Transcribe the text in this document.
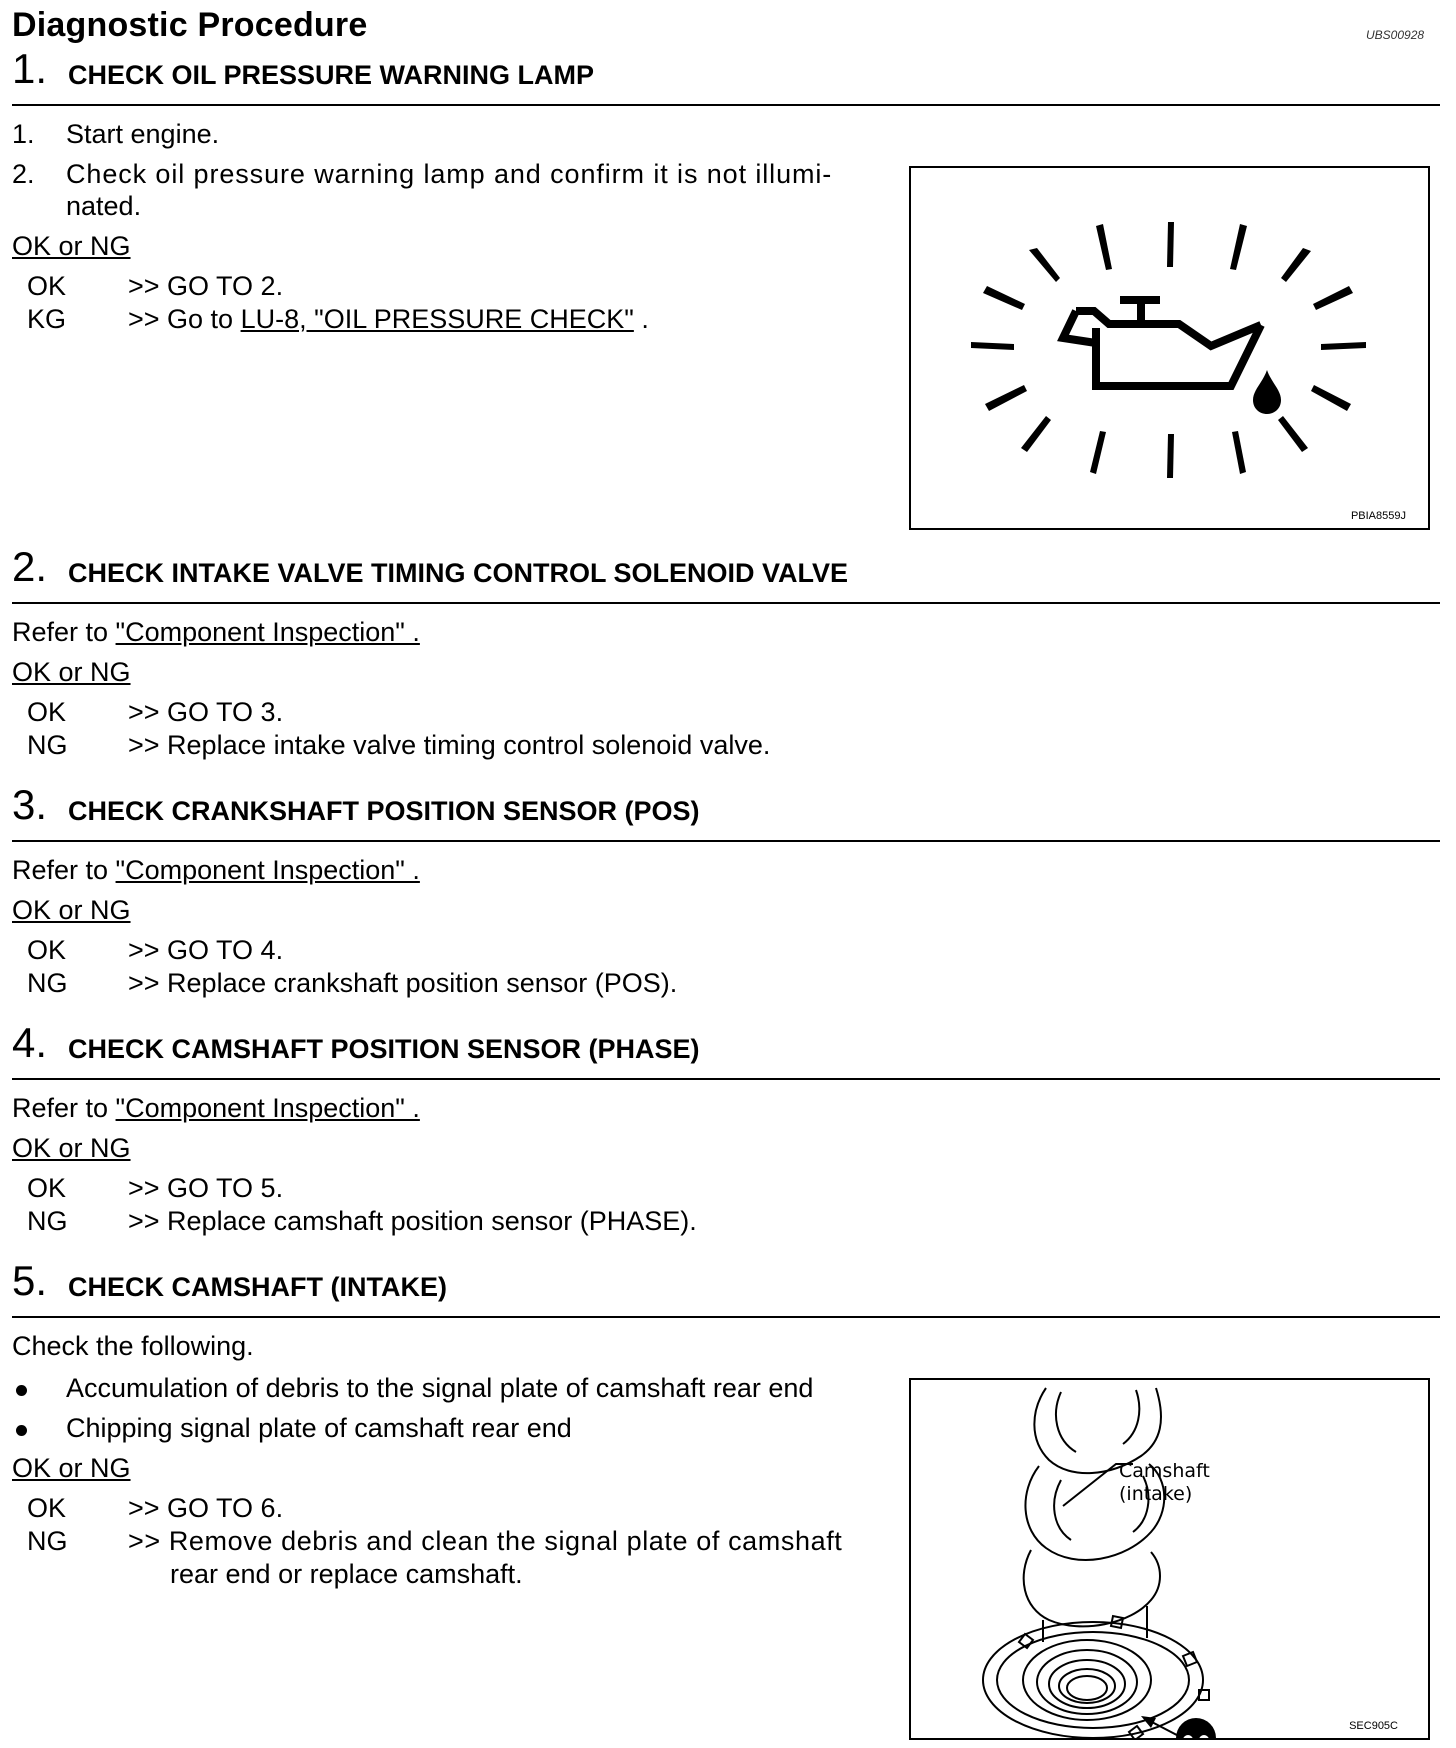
Diagnostic Procedure	UBS00928
1. CHECK OIL PRESSURE WARNING LAMP
1. Start engine.
2. Check oil pressure warning lamp and confirm it is not illumi-
nated.
OK or NG
OK >> GO TO 2.
KG >> Go to LU-8, "OIL PRESSURE CHECK" .
PBIA8559J
2. CHECK INTAKE VALVE TIMING CONTROL SOLENOID VALVE
Refer to "Component Inspection" .
OK or NG
OK >> GO TO 3.
NG >> Replace intake valve timing control solenoid valve.
3. CHECK CRANKSHAFT POSITION SENSOR (POS)
Refer to "Component Inspection" .
OK or NG
OK >> GO TO 4.
NG >> Replace crankshaft position sensor (POS).
4. CHECK CAMSHAFT POSITION SENSOR (PHASE)
Refer to "Component Inspection" .
OK or NG
OK >> GO TO 5.
NG >> Replace camshaft position sensor (PHASE).
5. CHECK CAMSHAFT (INTAKE)
Check the following.
Accumulation of debris to the signal plate of camshaft rear end
Chipping signal plate of camshaft rear end
OK or NG
OK >> GO TO 6.
NG >> Remove debris and clean the signal plate of camshaft
rear end or replace camshaft.
Camshaft
(intake)
SEC905C
